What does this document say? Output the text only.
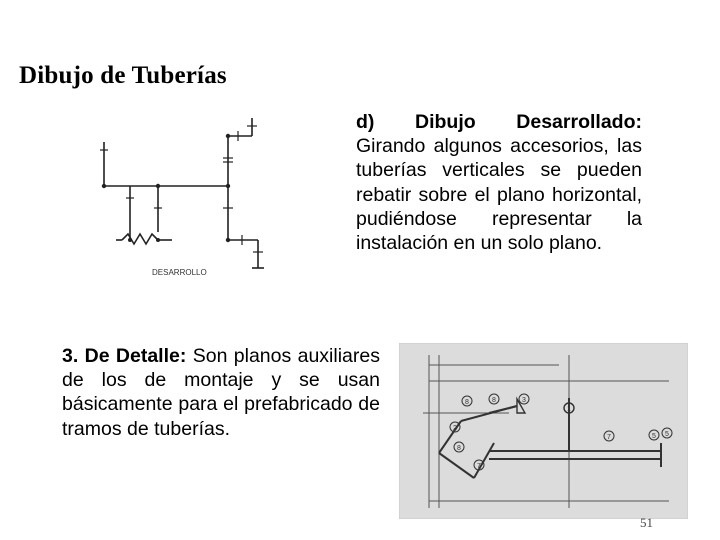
Dibujo de Tuberías

d) Dibujo Desarrollado: Girando algunos accesorios, las tuberías verticales se pueden rebatir sobre el plano horizontal, pudiéndose representar la instalación en un solo plano.

DESARROLLO

3. De Detalle: Son planos auxiliares de los de montaje y se usan básicamente para el prefabricado de tramos de tuberías.

8	8	3
1
2
7	5 5
8
7
51
